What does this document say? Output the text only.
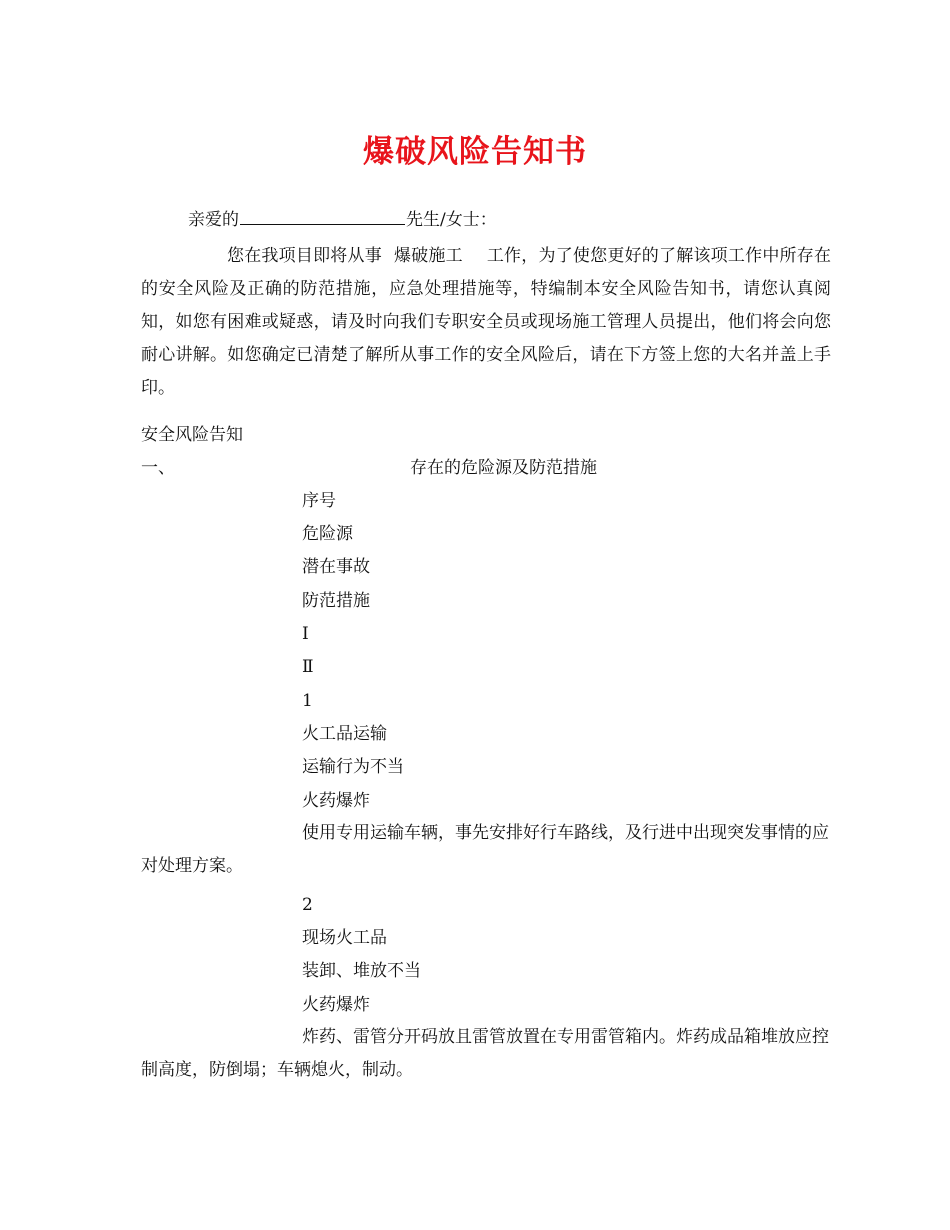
爆破风险告知书
亲爱的	先生/女士：

您在我项目即将从事 爆破施工 工作，为了使您更好的了解该项工作中所存在的安全风险及正确的防范措施，应急处理措施等，特编制本安全风险告知书，请您认真阅知，如您有困难或疑惑，请及时向我们专职安全员或现场施工管理人员提出，他们将会向您耐心讲解。如您确定已清楚了解所从事工作的安全风险后，请在下方签上您的大名并盖上手印。

安全风险告知
一、	存在的危险源及防范措施
序号
危险源
潜在事故
防范措施
Ⅰ
Ⅱ
1
火工品运输
运输行为不当
火药爆炸

使用专用运输车辆，事先安排好行车路线，及行进中出现突发事情的应对处理方案。

2
现场火工品
装卸、堆放不当
火药爆炸

炸药、雷管分开码放且雷管放置在专用雷管箱内。炸药成品箱堆放应控制高度，防倒塌；车辆熄火，制动。
